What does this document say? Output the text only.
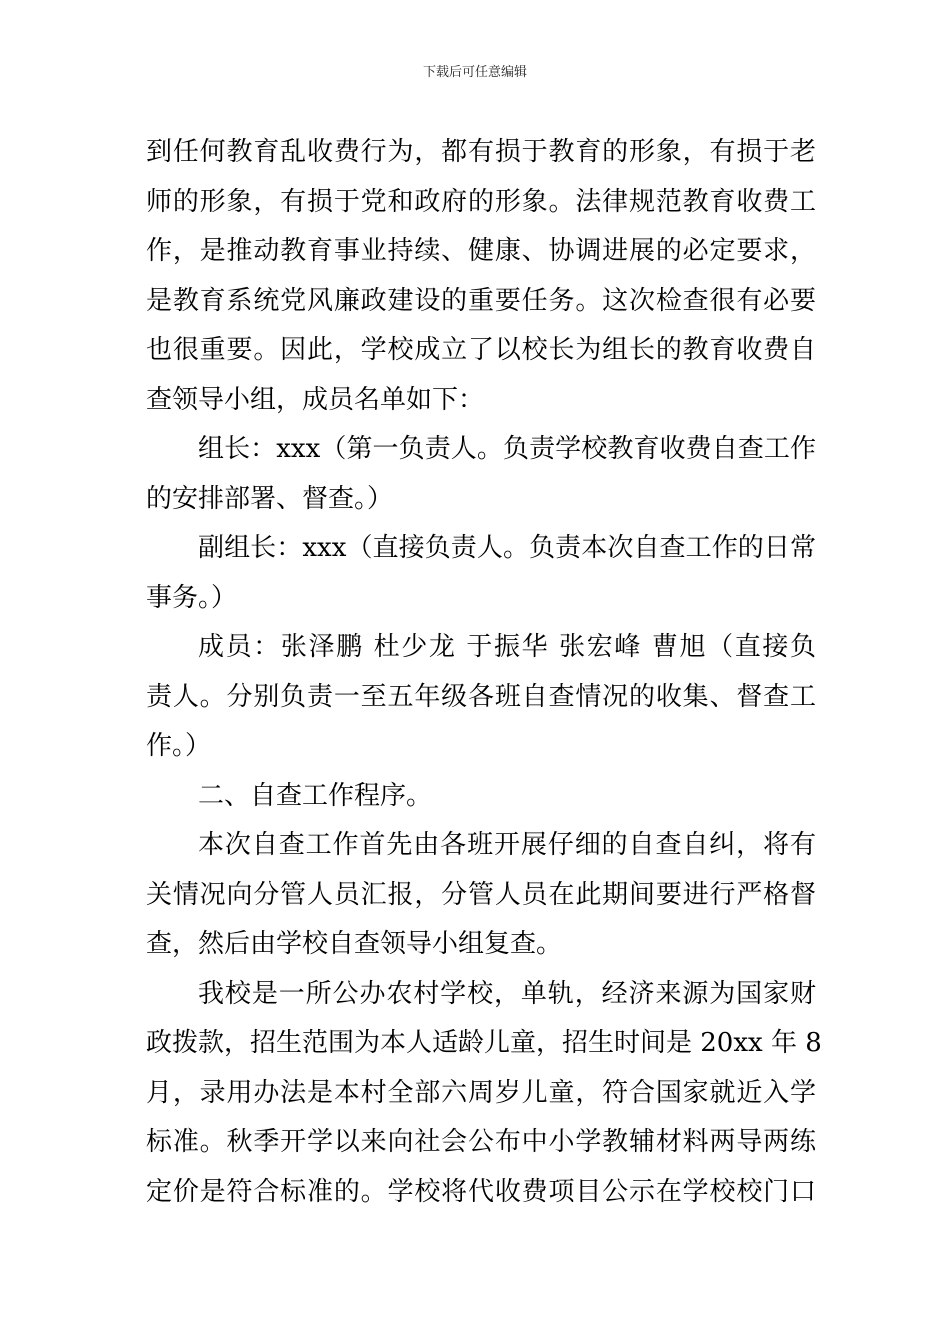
下载后可任意编辑
到任何教育乱收费行为，都有损于教育的形象，有损于老
师的形象，有损于党和政府的形象。法律规范教育收费工
作，是推动教育事业持续、健康、协调进展的必定要求，
是教育系统党风廉政建设的重要任务。这次检查很有必要
也很重要。因此，学校成立了以校长为组长的教育收费自
查领导小组，成员名单如下：
组长：xxx（第一负责人。负责学校教育收费自查工作
的安排部署、督查。）
副组长：xxx（直接负责人。负责本次自查工作的日常
事务。）
成员：张泽鹏 杜少龙 于振华 张宏峰 曹旭（直接负
责人。分别负责一至五年级各班自查情况的收集、督查工
作。）
二、自查工作程序。
本次自查工作首先由各班开展仔细的自查自纠，将有
关情况向分管人员汇报，分管人员在此期间要进行严格督
查，然后由学校自查领导小组复查。
我校是一所公办农村学校，单轨，经济来源为国家财
政拨款，招生范围为本人适龄儿童，招生时间是 20xx 年 8
月，录用办法是本村全部六周岁儿童，符合国家就近入学
标准。秋季开学以来向社会公布中小学教辅材料两导两练
定价是符合标准的。学校将代收费项目公示在学校校门口
